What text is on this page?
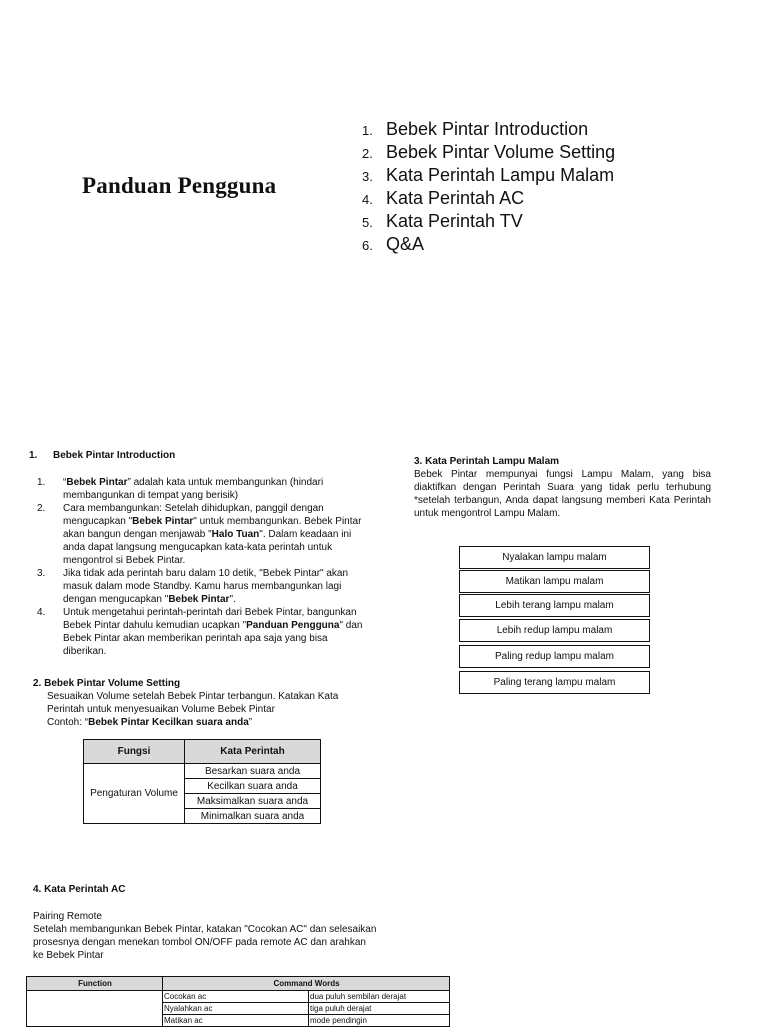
Panduan Pengguna
1. Bebek Pintar Introduction
2. Bebek Pintar Volume Setting
3. Kata Perintah Lampu Malam
4. Kata Perintah AC
5. Kata Perintah TV
6. Q&A
1. Bebek Pintar Introduction
1. “Bebek Pintar” adalah kata untuk membangunkan (hindari membangunkan di tempat yang berisik)
2. Cara membangunkan: Setelah dihidupkan, panggil dengan mengucapkan "Bebek Pintar" untuk membangunkan. Bebek Pintar akan bangun dengan menjawab "Halo Tuan". Dalam keadaan ini anda dapat langsung mengucapkan kata-kata perintah untuk mengontrol si Bebek Pintar.
3. Jika tidak ada perintah baru dalam 10 detik, "Bebek Pintar" akan masuk dalam mode Standby. Kamu harus membangunkan lagi dengan mengucapkan "Bebek Pintar".
4. Untuk mengetahui perintah-perintah dari Bebek Pintar, bangunkan Bebek Pintar dahulu kemudian ucapkan "Panduan Pengguna" dan Bebek Pintar akan memberikan perintah apa saja yang bisa diberikan.
2. Bebek Pintar Volume Setting
Sesuaikan Volume setelah Bebek Pintar terbangun. Katakan Kata Perintah untuk menyesuaikan Volume Bebek Pintar
Contoh: “Bebek Pintar Kecilkan suara anda”
Fungsi	Kata Perintah
Pengaturan Volume	Besarkan suara anda
	Kecilkan suara anda
	Maksimalkan suara anda
	Minimalkan suara anda
3. Kata Perintah Lampu Malam
Bebek Pintar mempunyai fungsi Lampu Malam, yang bisa diaktifkan dengan Perintah Suara yang tidak perlu terhubung *setelah terbangun, Anda dapat langsung memberi Kata Perintah untuk mengontrol Lampu Malam.
Nyalakan lampu malam
Matikan lampu malam
Lebih terang lampu malam
Lebih redup lampu malam
Paling redup lampu malam
Paling terang lampu malam
4. Kata Perintah AC
Pairing Remote
Setelah membangunkan Bebek Pintar, katakan "Cocokan AC" dan selesaikan prosesnya dengan menekan tombol ON/OFF pada remote AC dan arahkan ke Bebek Pintar
Function	Command Words	
	Cocokan ac	dua puluh sembilan derajat
	Nyalahkan ac	tiga puluh derajat
	Matikan ac	mode pendingin
